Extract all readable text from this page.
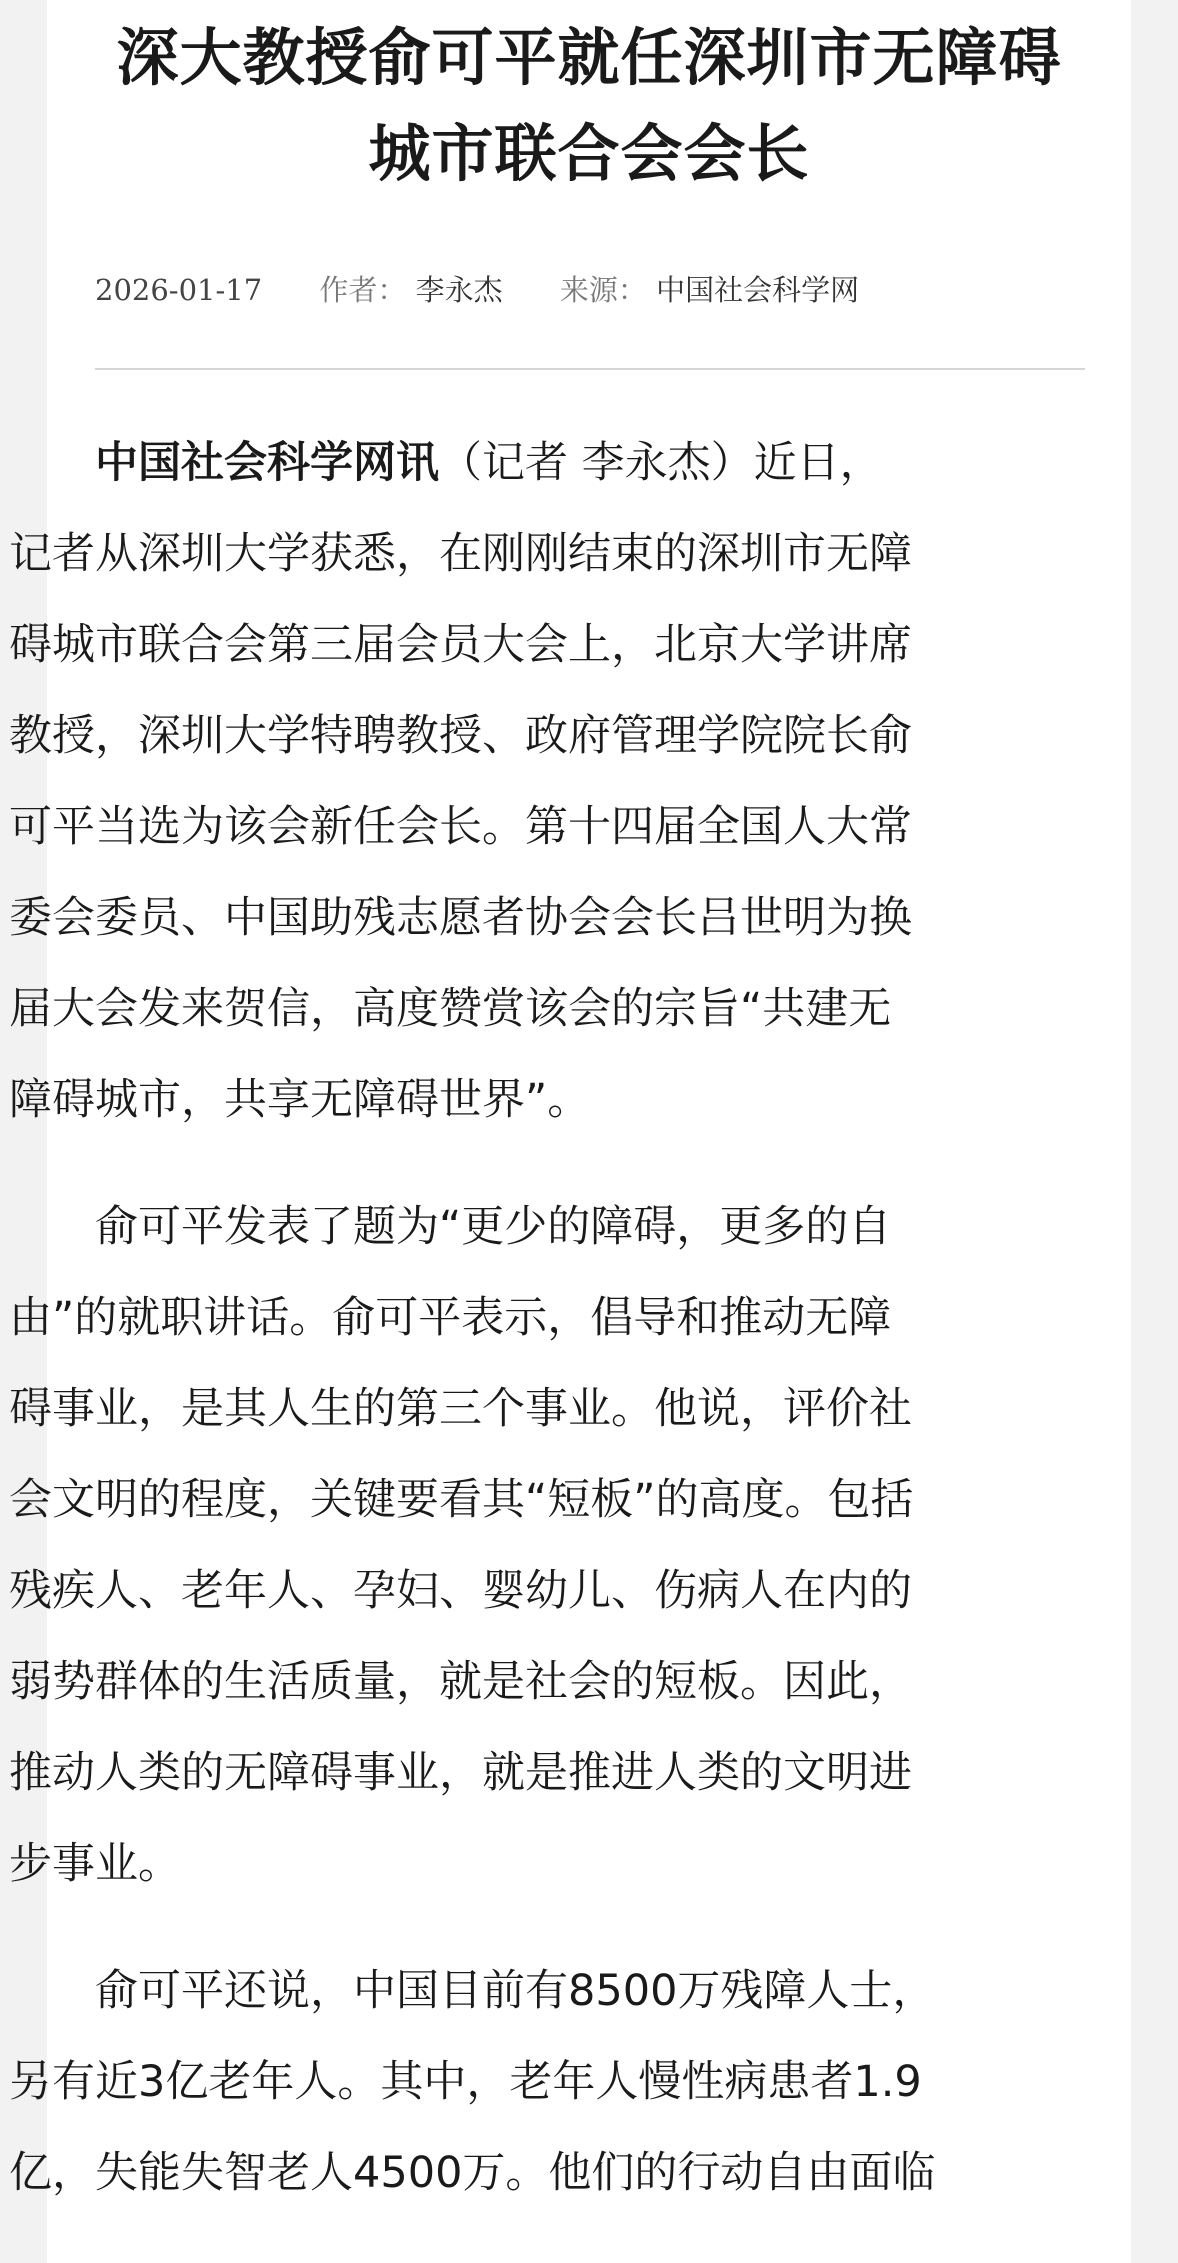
深大教授俞可平就任深圳市无障碍
城市联合会会长
2026-01-17 作者： 李永杰 来源： 中国社会科学网

中国社会科学网讯（记者 李永杰）近日，
记者从深圳大学获悉，在刚刚结束的深圳市无障
碍城市联合会第三届会员大会上，北京大学讲席
教授，深圳大学特聘教授、政府管理学院院长俞
可平当选为该会新任会长。第十四届全国人大常
委会委员、中国助残志愿者协会会长吕世明为换
届大会发来贺信，高度赞赏该会的宗旨“共建无
障碍城市，共享无障碍世界”。

俞可平发表了题为“更少的障碍，更多的自
由”的就职讲话。俞可平表示，倡导和推动无障
碍事业，是其人生的第三个事业。他说，评价社
会文明的程度，关键要看其“短板”的高度。包括
残疾人、老年人、孕妇、婴幼儿、伤病人在内的
弱势群体的生活质量，就是社会的短板。因此，
推动人类的无障碍事业，就是推进人类的文明进
步事业。

俞可平还说，中国目前有8500万残障人士，
另有近3亿老年人。其中，老年人慢性病患者1.9
亿，失能失智老人4500万。他们的行动自由面临
